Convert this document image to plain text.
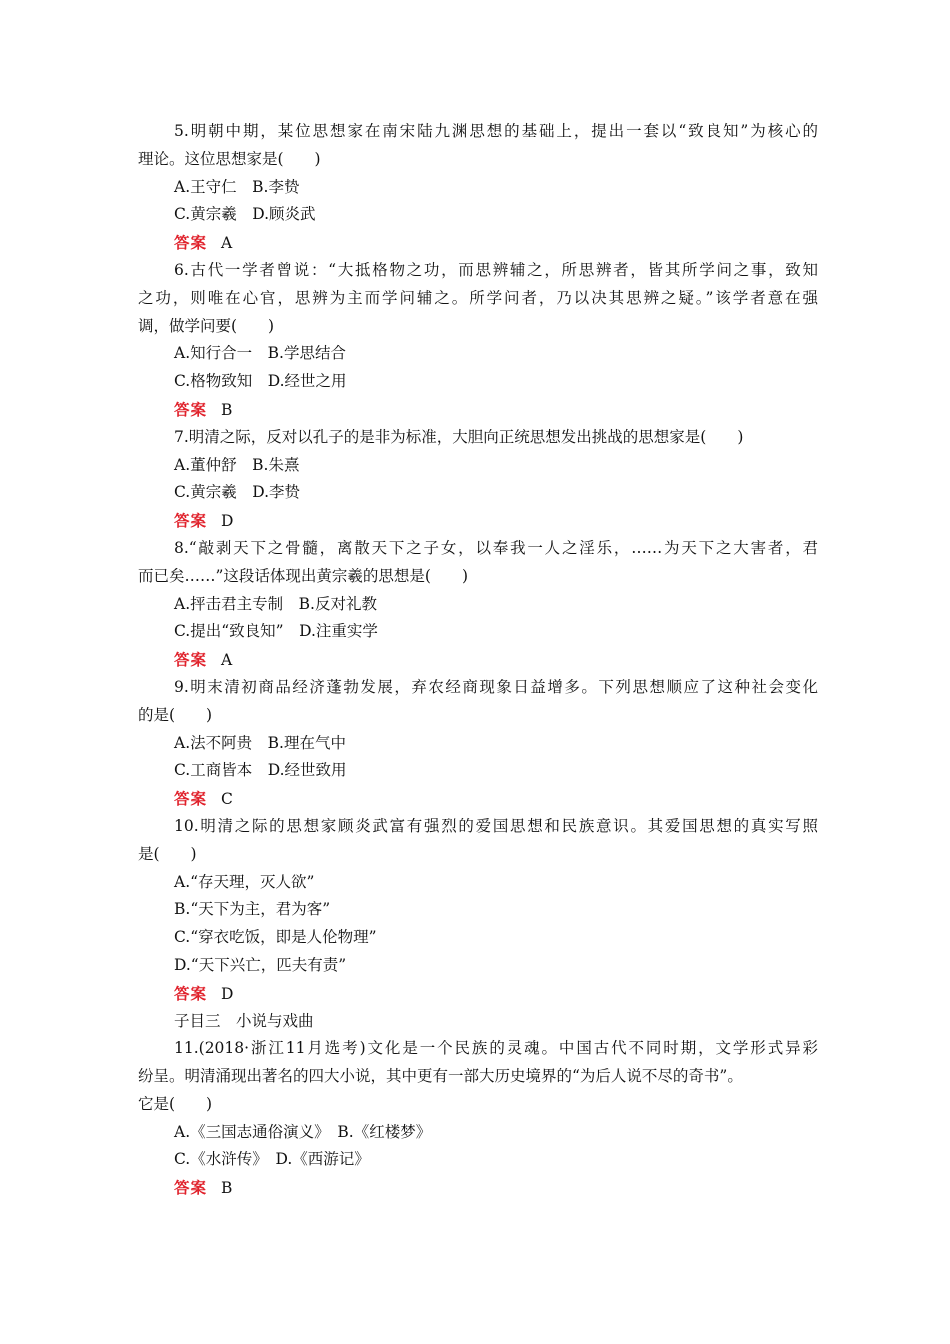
5.明朝中期，某位思想家在南宋陆九渊思想的基础上，提出一套以“致良知”为核心的
理论。这位思想家是(　　)
A.王守仁　B.李贽
C.黄宗羲　D.顾炎武
答案 A
6.古代一学者曾说：“大抵格物之功，而思辨辅之，所思辨者，皆其所学问之事，致知
之功，则唯在心官，思辨为主而学问辅之。所学问者，乃以决其思辨之疑。”该学者意在强
调，做学问要(　　)
A.知行合一　B.学思结合
C.格物致知　D.经世之用
答案 B
7.明清之际，反对以孔子的是非为标准，大胆向正统思想发出挑战的思想家是(　　)
A.董仲舒　B.朱熹
C.黄宗羲　D.李贽
答案 D
8.“敲剥天下之骨髓，离散天下之子女，以奉我一人之淫乐，……为天下之大害者，君
而已矣……”这段话体现出黄宗羲的思想是(　　)
A.抨击君主专制　B.反对礼教
C.提出“致良知”　D.注重实学
答案 A
9.明末清初商品经济蓬勃发展，弃农经商现象日益增多。下列思想顺应了这种社会变化
的是(　　)
A.法不阿贵　B.理在气中
C.工商皆本　D.经世致用
答案 C
10.明清之际的思想家顾炎武富有强烈的爱国思想和民族意识。其爱国思想的真实写照
是(　　)
A.“存天理，灭人欲”
B.“天下为主，君为客”
C.“穿衣吃饭，即是人伦物理”
D.“天下兴亡，匹夫有责”
答案 D
子目三　小说与戏曲
11.(2018·浙江11月选考)文化是一个民族的灵魂。中国古代不同时期，文学形式异彩
纷呈。明清涌现出著名的四大小说，其中更有一部大历史境界的“为后人说不尽的奇书”。
它是(　　)
A.《三国志通俗演义》　B.《红楼梦》
C.《水浒传》　D.《西游记》
答案 B
